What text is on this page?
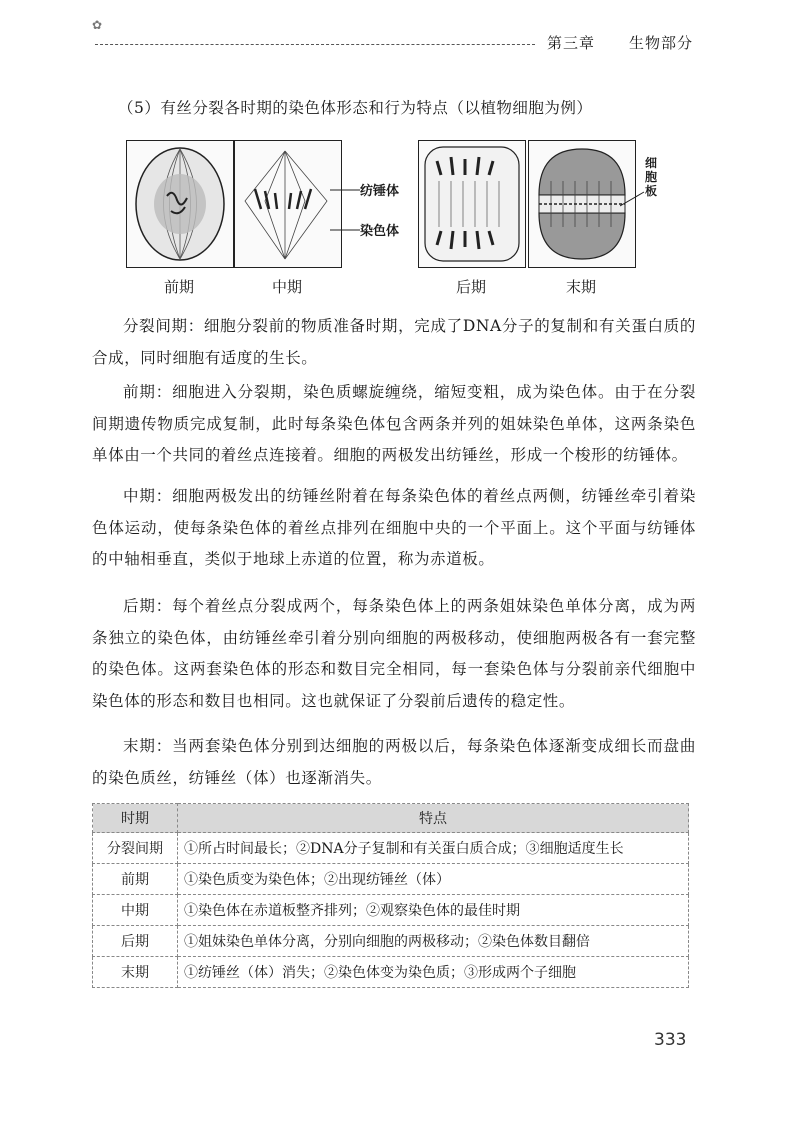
✿
第三章 生物部分
（5）有丝分裂各时期的染色体形态和行为特点（以植物细胞为例）
前期	中期
纺锤体
染色体
后期	末期
细胞板

分裂间期：细胞分裂前的物质准备时期，完成了DNA分子的复制和有关蛋白质的合成，同时细胞有适度的生长。

前期：细胞进入分裂期，染色质螺旋缠绕，缩短变粗，成为染色体。由于在分裂间期遗传物质完成复制，此时每条染色体包含两条并列的姐妹染色单体，这两条染色单体由一个共同的着丝点连接着。细胞的两极发出纺锤丝，形成一个梭形的纺锤体。

中期：细胞两极发出的纺锤丝附着在每条染色体的着丝点两侧，纺锤丝牵引着染色体运动，使每条染色体的着丝点排列在细胞中央的一个平面上。这个平面与纺锤体的中轴相垂直，类似于地球上赤道的位置，称为赤道板。

后期：每个着丝点分裂成两个，每条染色体上的两条姐妹染色单体分离，成为两条独立的染色体，由纺锤丝牵引着分别向细胞的两极移动，使细胞两极各有一套完整的染色体。这两套染色体的形态和数目完全相同，每一套染色体与分裂前亲代细胞中染色体的形态和数目也相同。这也就保证了分裂前后遗传的稳定性。

末期：当两套染色体分别到达细胞的两极以后，每条染色体逐渐变成细长而盘曲的染色质丝，纺锤丝（体）也逐渐消失。

时期	特点
分裂间期	①所占时间最长；②DNA分子复制和有关蛋白质合成；③细胞适度生长
前期	①染色质变为染色体；②出现纺锤丝（体）
中期	①染色体在赤道板整齐排列；②观察染色体的最佳时期
后期	①姐妹染色单体分离，分别向细胞的两极移动；②染色体数目翻倍
末期	①纺锤丝（体）消失；②染色体变为染色质；③形成两个子细胞
333
